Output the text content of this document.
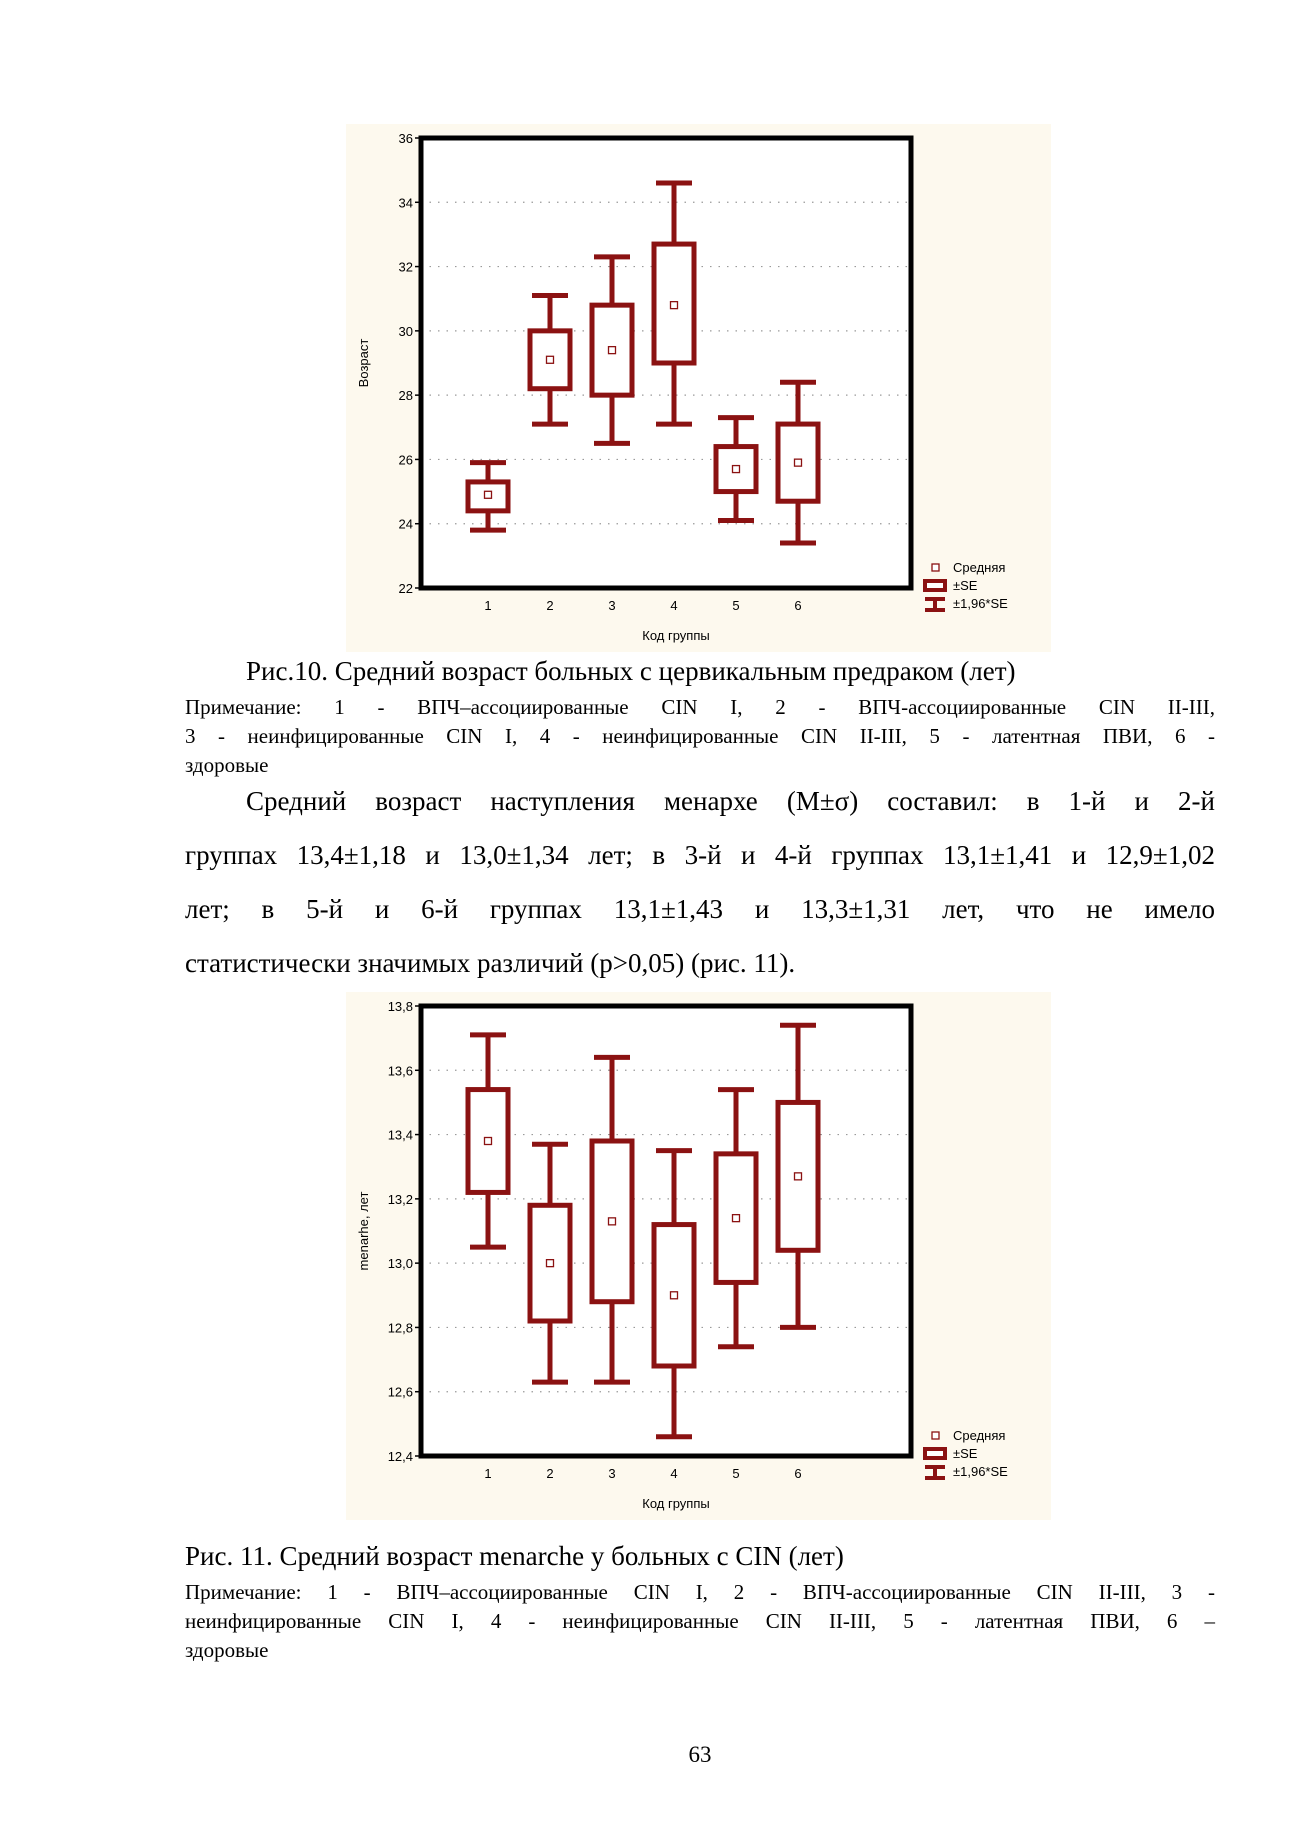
22
24
26
28
30
32
34
36
1	2	3	4	5	6
Возраст
Код группы
Средняя
±SE
±1,96*SE
Рис.10. Средний возраст больных с цервикальным предраком (лет)
Примечание: 1 - ВПЧ–ассоциированные CIN I, 2 - ВПЧ-ассоциированные CIN II-III,
3 - неинфицированные CIN I, 4 - неинфицированные CIN II-III, 5 - латентная ПВИ, 6 -
здоровые
Средний возраст наступления менархе (M±σ) составил: в 1-й и 2-й
группах 13,4±1,18 и 13,0±1,34 лет; в 3-й и 4-й группах 13,1±1,41 и 12,9±1,02
лет; в 5-й и 6-й группах 13,1±1,43 и 13,3±1,31 лет, что не имело
статистически значимых различий (р>0,05) (рис. 11).
12,4
12,6
12,8
13,0
13,2
13,4
13,6
13,8
1	2	3	4	5	6
menarhe, лет
Код группы
Средняя
±SE
±1,96*SE
Рис. 11. Средний возраст menarche у больных с CIN (лет)
Примечание: 1 - ВПЧ–ассоциированные CIN I, 2 - ВПЧ-ассоциированные CIN II-III, 3 -
неинфицированные CIN I, 4 - неинфицированные CIN II-III, 5 - латентная ПВИ, 6 –
здоровые
63
